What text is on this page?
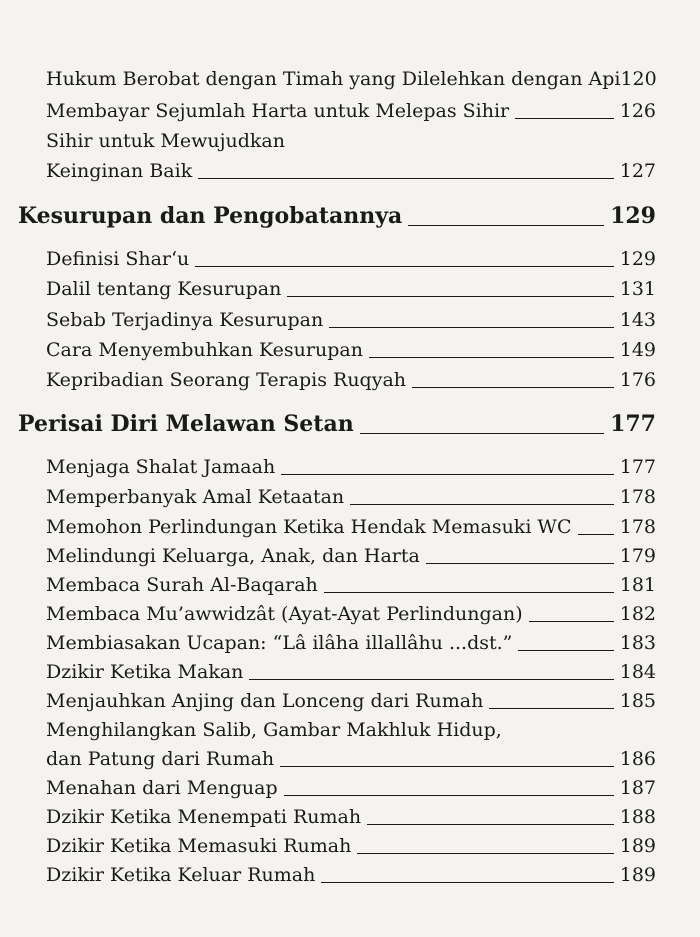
Hukum Berobat dengan Timah yang Dilelehkan dengan Api 120
Membayar Sejumlah Harta untuk Melepas Sihir	126
Sihir untuk Mewujudkan
Keinginan Baik	127
Kesurupan dan Pengobatannya	129
Definisi Shar‘u	129
Dalil tentang Kesurupan	131
Sebab Terjadinya Kesurupan	143
Cara Menyembuhkan Kesurupan	149
Kepribadian Seorang Terapis Ruqyah	176
Perisai Diri Melawan Setan	177
Menjaga Shalat Jamaah	177
Memperbanyak Amal Ketaatan	178
Memohon Perlindungan Ketika Hendak Memasuki WC	178
Melindungi Keluarga, Anak, dan Harta	179
Membaca Surah Al-Baqarah	181
Membaca Mu’awwidzât (Ayat-Ayat Perlindungan)	182
Membiasakan Ucapan: “Lâ ilâha illallâhu ...dst.”	183
Dzikir Ketika Makan	184
Menjauhkan Anjing dan Lonceng dari Rumah	185
Menghilangkan Salib, Gambar Makhluk Hidup,
dan Patung dari Rumah	186
Menahan dari Menguap	187
Dzikir Ketika Menempati Rumah	188
Dzikir Ketika Memasuki Rumah	189
Dzikir Ketika Keluar Rumah	189
